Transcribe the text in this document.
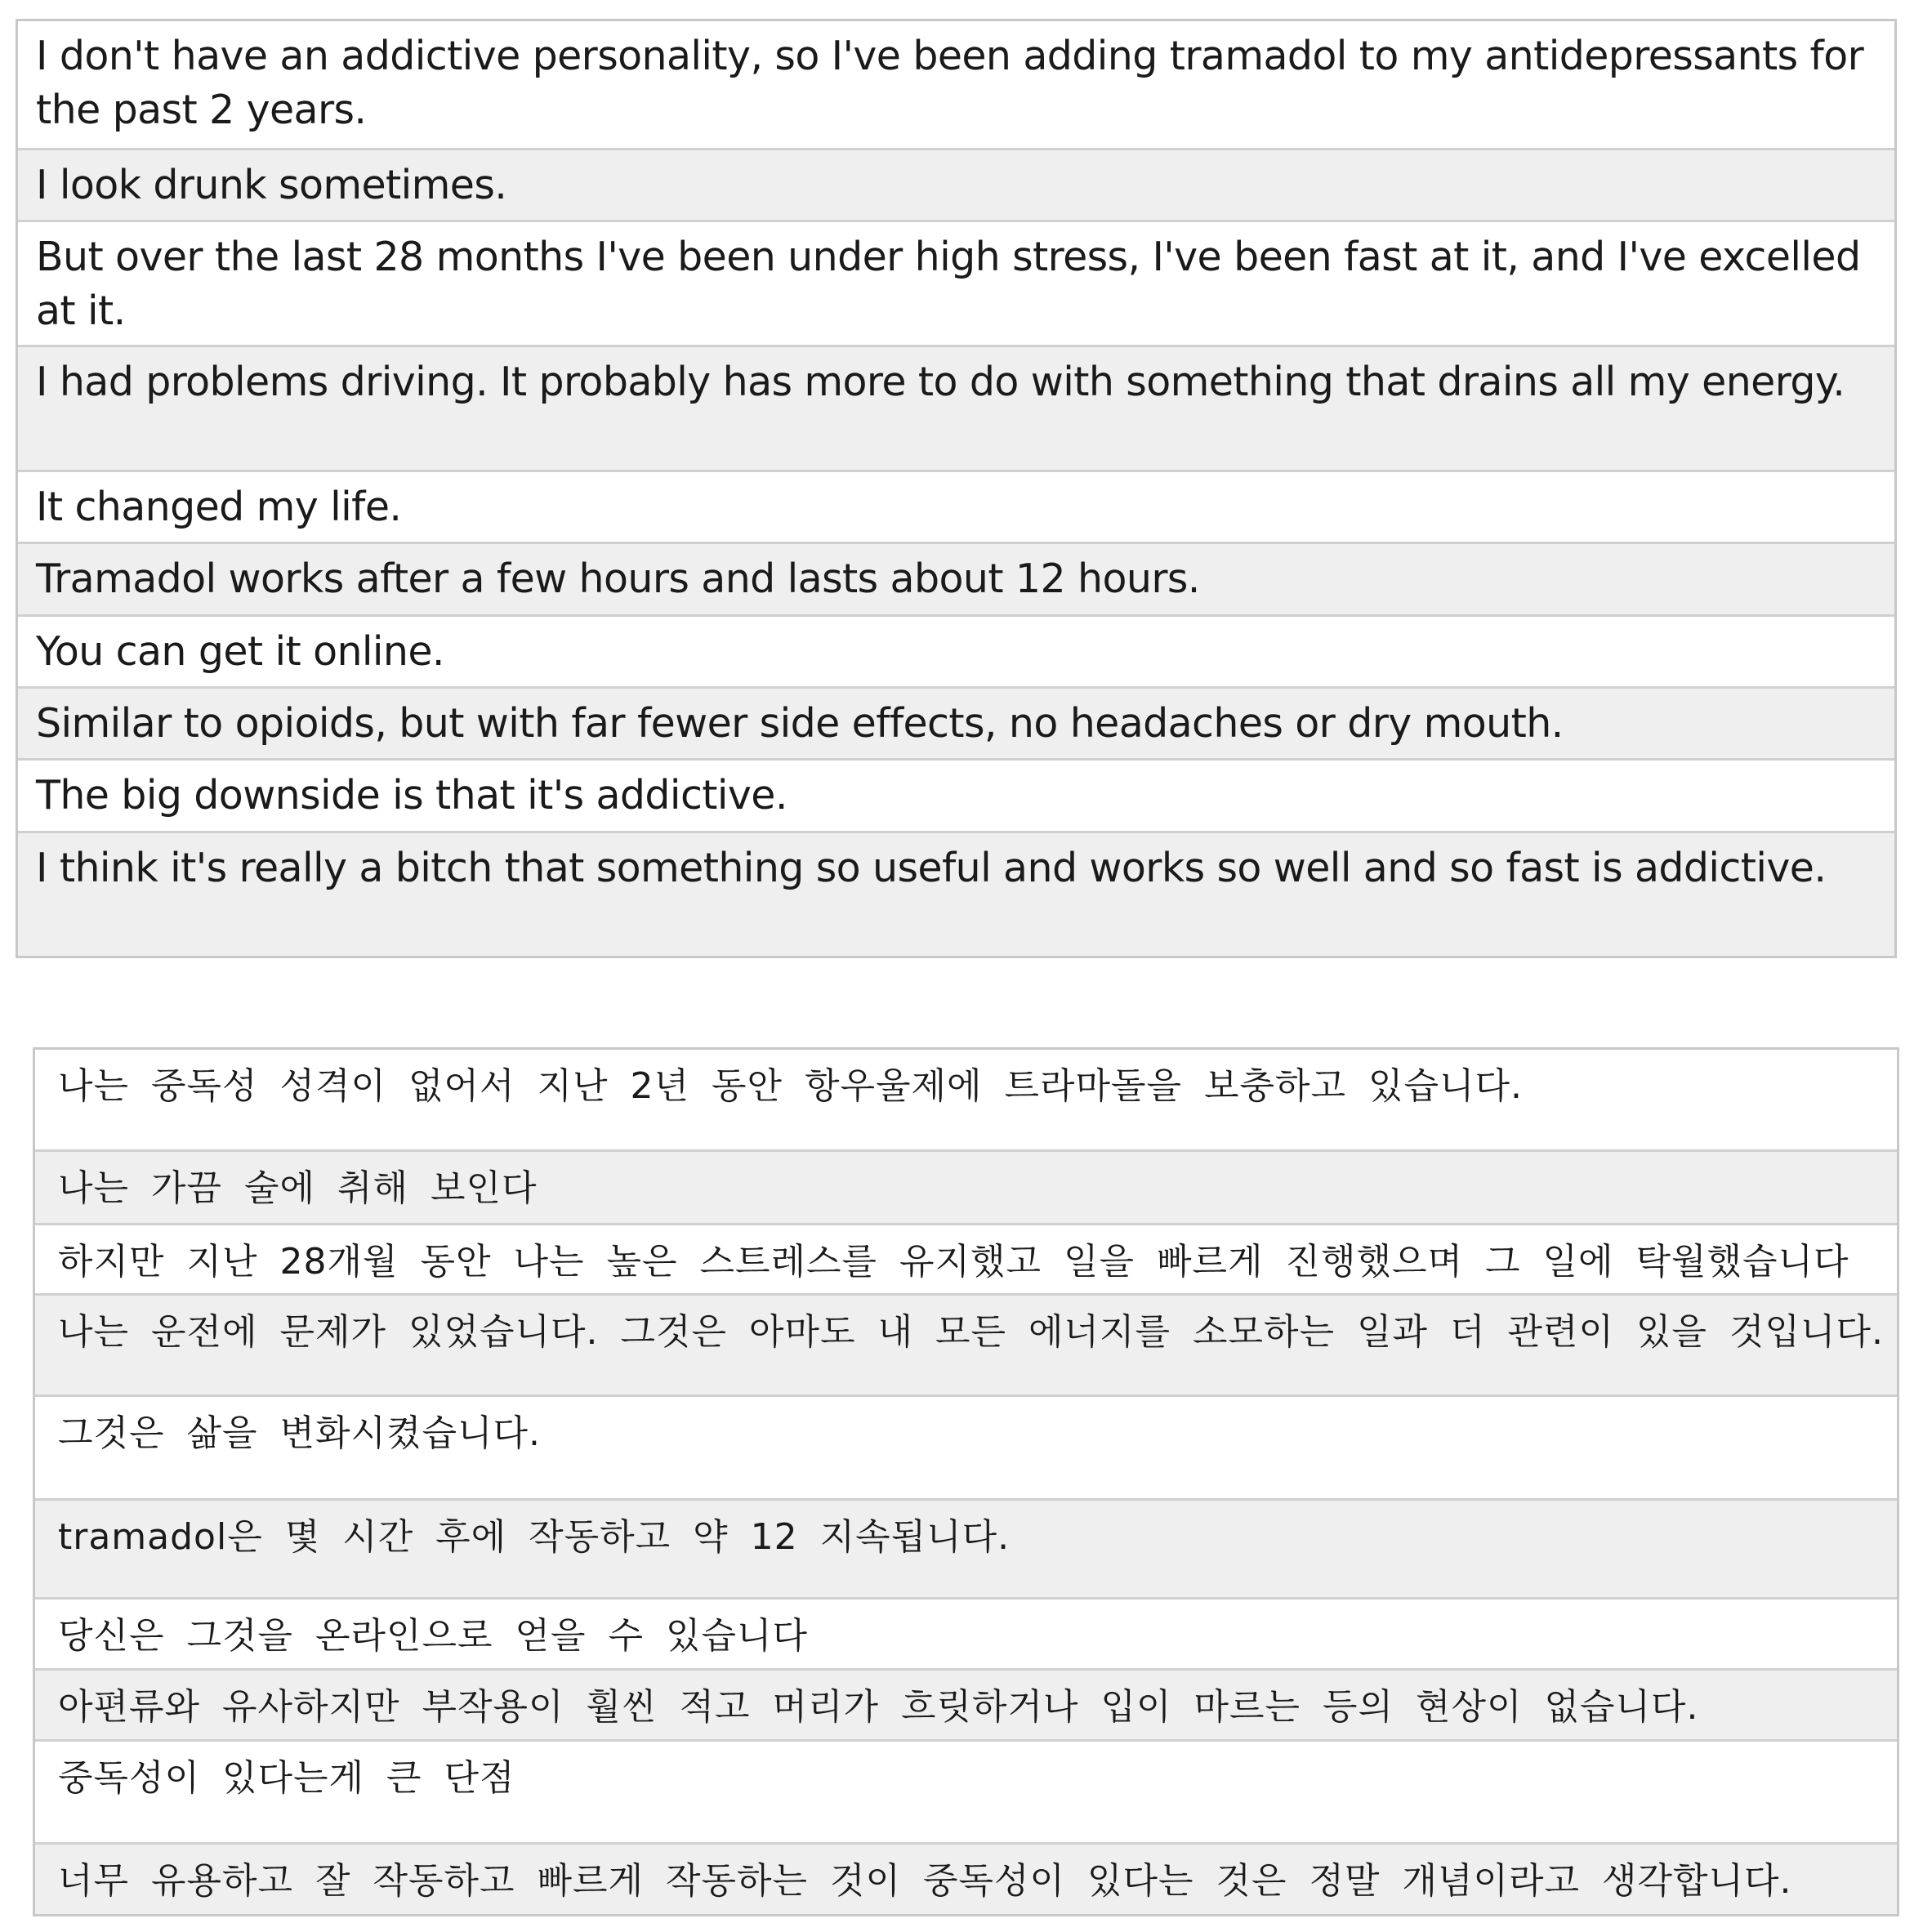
I don't have an addictive personality, so I've been adding tramadol to my antidepressants for the past 2 years.
I look drunk sometimes.
But over the last 28 months I've been under high stress, I've been fast at it, and I've excelled at it.
I had problems driving. It probably has more to do with something that drains all my energy.
It changed my life.
Tramadol works after a few hours and lasts about 12 hours.
You can get it online.
Similar to opioids, but with far fewer side effects, no headaches or dry mouth.
The big downside is that it's addictive.
I think it's really a bitch that something so useful and works so well and so fast is addictive.
나는 중독성 성격이 없어서 지난 2년 동안 항우울제에 트라마돌을 보충하고 있습니다.
나는 가끔 술에 취해 보인다
하지만 지난 28개월 동안 나는 높은 스트레스를 유지했고 일을 빠르게 진행했으며 그 일에 탁월했습니다
나는 운전에 문제가 있었습니다. 그것은 아마도 내 모든 에너지를 소모하는 일과 더 관련이 있을 것입니다.
그것은 삶을 변화시켰습니다.
tramadol은 몇 시간 후에 작동하고 약 12 지속됩니다.
당신은 그것을 온라인으로 얻을 수 있습니다
아편류와 유사하지만 부작용이 훨씬 적고 머리가 흐릿하거나 입이 마르는 등의 현상이 없습니다.
중독성이 있다는게 큰 단점
너무 유용하고 잘 작동하고 빠르게 작동하는 것이 중독성이 있다는 것은 정말 개념이라고 생각합니다.
